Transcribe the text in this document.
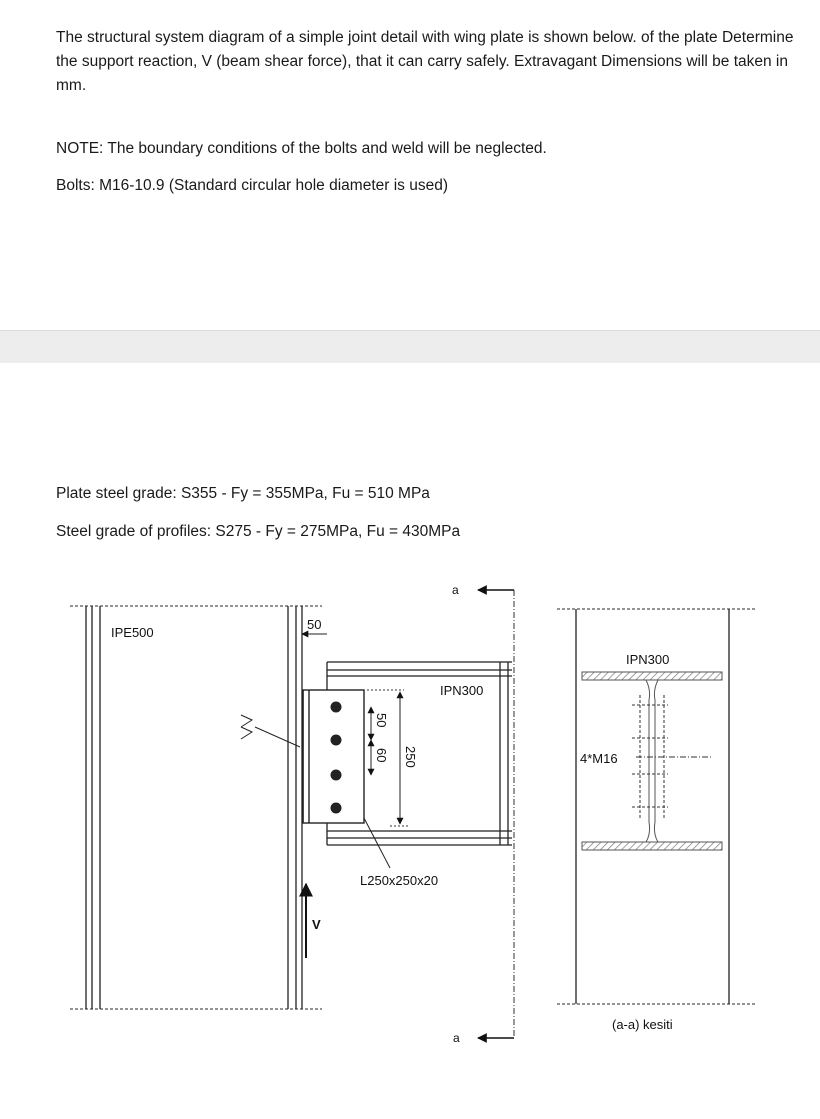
The structural system diagram of a simple joint detail with wing plate is shown below. of the plate Determine the support reaction, V (beam shear force), that it can carry safely. Extravagant Dimensions will be taken in mm.

NOTE: The boundary conditions of the bolts and weld will be neglected.

Bolts: M16-10.9 (Standard circular hole diameter is used)

Plate steel grade: S355 - Fy = 355MPa, Fu = 510 MPa

Steel grade of profiles: S275 - Fy = 275MPa, Fu = 430MPa

IPE500
50
IPN300
a
a
50
60 250
L250x250x20
V
IPN300
4*M16
(a-a) kesiti
